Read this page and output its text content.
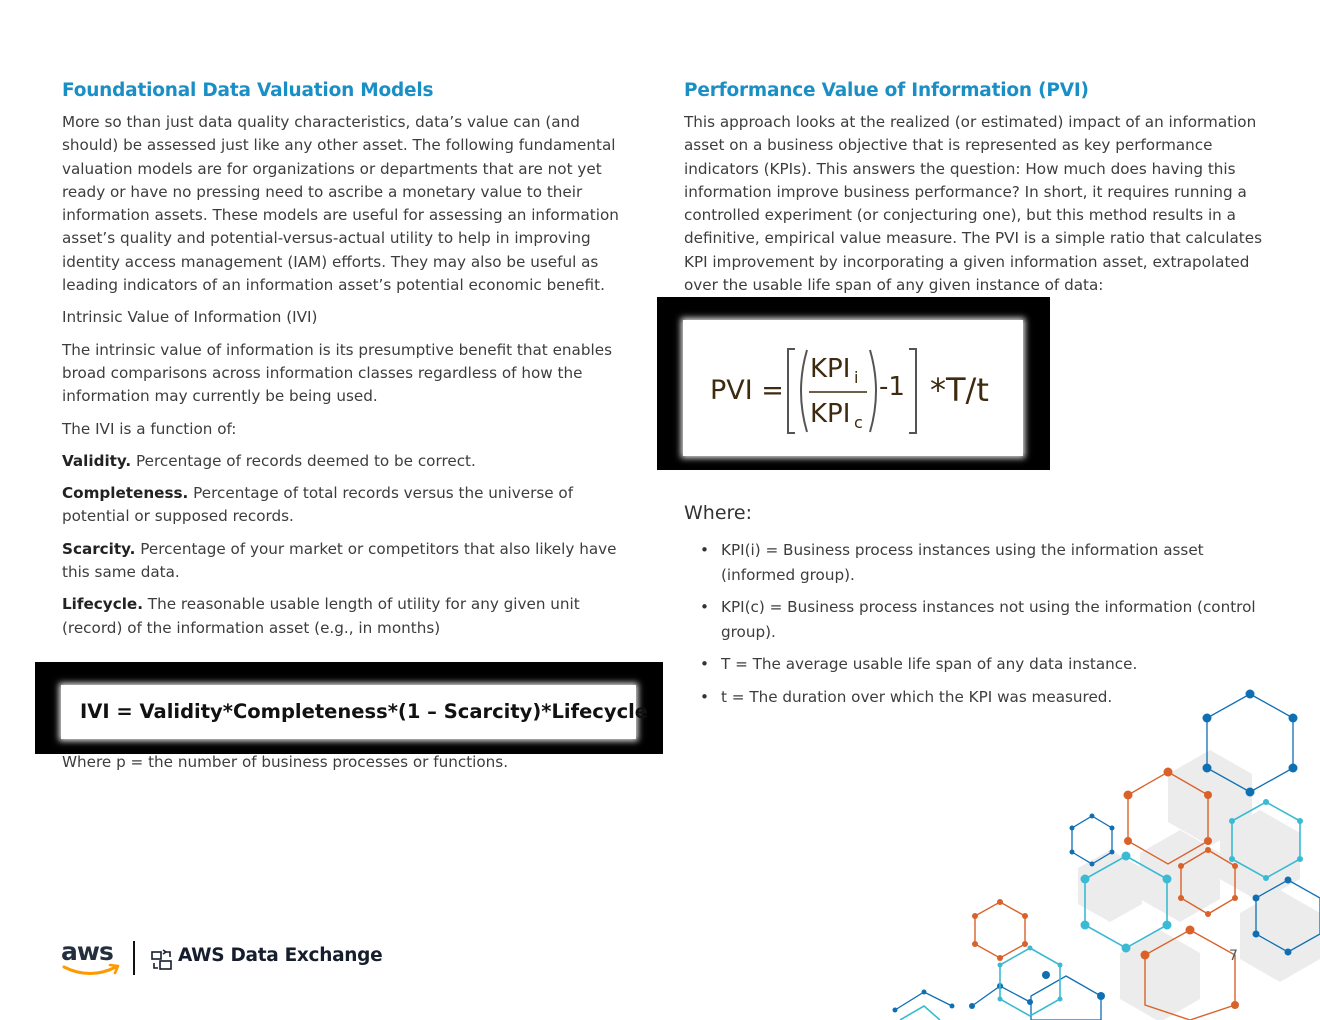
Foundational Data Valuation Models

More so than just data quality characteristics, data’s value can (and should) be assessed just like any other asset. The following fundamental valuation models are for organizations or departments that are not yet ready or have no pressing need to ascribe a monetary value to their information assets. These models are useful for assessing an information asset’s quality and potential-versus-actual utility to help in improving identity access management (IAM) efforts. They may also be useful as leading indicators of an information asset’s potential economic benefit.

Intrinsic Value of Information (IVI)

The intrinsic value of information is its presumptive benefit that enables broad comparisons across information classes regardless of how the information may currently be being used.

The IVI is a function of:

Validity. Percentage of records deemed to be correct.

Completeness. Percentage of total records versus the universe of potential or supposed records.

Scarcity. Percentage of your market or competitors that also likely have this same data.

Lifecycle. The reasonable usable length of utility for any given unit (record) of the information asset (e.g., in months)

IVI = Validity*Completeness*(1 – Scarcity)*Lifecycle
Where p = the number of business processes or functions.
Performance Value of Information (PVI)

This approach looks at the realized (or estimated) impact of an information asset on a business objective that is represented as key performance indicators (KPIs). This answers the question: How much does having this information improve business performance? In short, it requires running a controlled experiment (or conjecturing one), but this method results in a definitive, empirical value measure. The PVI is a simple ratio that calculates KPI improvement by incorporating a given information asset, extrapolated over the usable life span of any given instance of data:

PVI =
KPI i
KPI c
-1 *T/t
Where:
• KPI(i) = Business process instances using the information asset (informed group).
• KPI(c) = Business process instances not using the information (control group).
• T = The average usable life span of any data instance.
• t = The duration over which the KPI was measured.
aws	AWS Data Exchange	7
